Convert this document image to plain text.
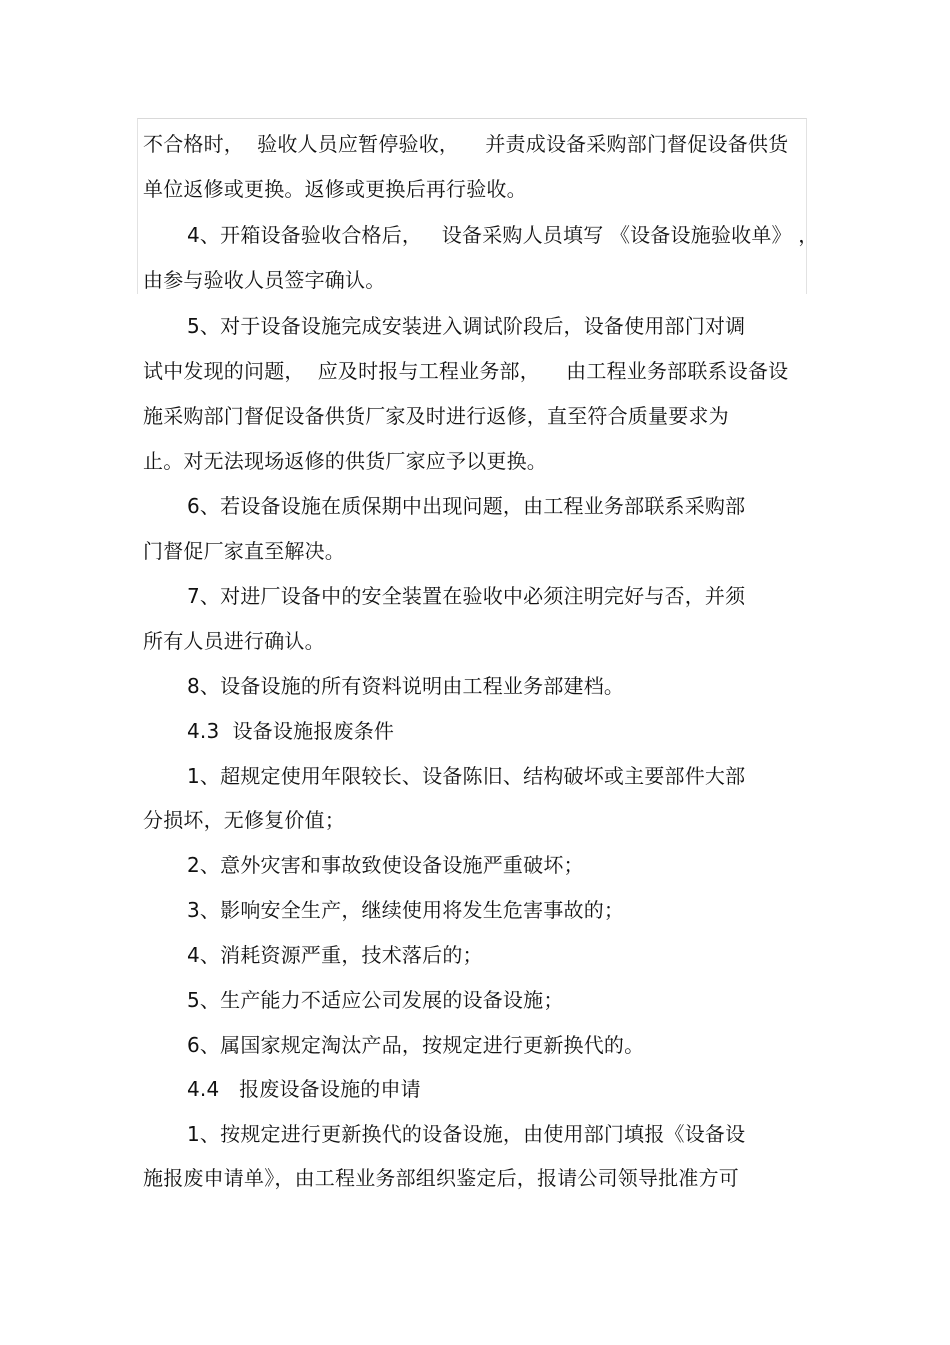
不合格时，  验收人员应暂停验收，    并责成设备采购部门督促设备供货
单位返修或更换。返修或更换后再行验收。
4、开箱设备验收合格后，   设备采购人员填写 《设备设施验收单》 ，
由参与验收人员签字确认。
5、对于设备设施完成安装进入调试阶段后，设备使用部门对调
试中发现的问题，  应及时报与工程业务部，    由工程业务部联系设备设
施采购部门督促设备供货厂家及时进行返修，直至符合质量要求为
止。对无法现场返修的供货厂家应予以更换。
6、若设备设施在质保期中出现问题，由工程业务部联系采购部
门督促厂家直至解决。
7、对进厂设备中的安全装置在验收中必须注明完好与否，并须
所有人员进行确认。
8、设备设施的所有资料说明由工程业务部建档。
4.3  设备设施报废条件
1、超规定使用年限较长、设备陈旧、结构破坏或主要部件大部
分损坏，无修复价值；
2、意外灾害和事故致使设备设施严重破坏；
3、影响安全生产，继续使用将发生危害事故的；
4、消耗资源严重，技术落后的；
5、生产能力不适应公司发展的设备设施；
6、属国家规定淘汰产品，按规定进行更新换代的。
4.4   报废设备设施的申请
1、按规定进行更新换代的设备设施，由使用部门填报《设备设
施报废申请单》，由工程业务部组织鉴定后，报请公司领导批准方可
